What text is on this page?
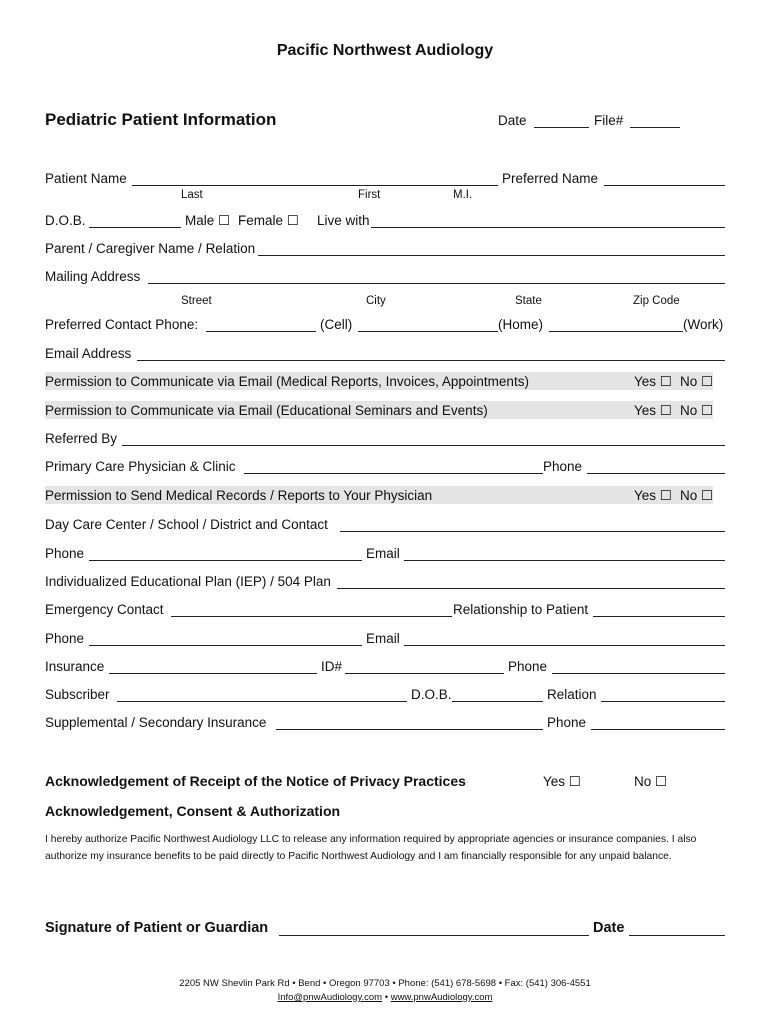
Pacific Northwest Audiology
Pediatric Patient Information	Date	File#
Patient Name	Preferred Name
Last	First	M.I.
D.O.B.	Male ☐ Female ☐ Live with
Parent / Caregiver Name / Relation
Mailing Address
Street	City	State	Zip Code
Preferred Contact Phone:	(Cell)	(Home)	(Work)
Email Address
Permission to Communicate via Email (Medical Reports, Invoices, Appointments)	Yes ☐ No ☐
Permission to Communicate via Email (Educational Seminars and Events)	Yes ☐ No ☐
Referred By
Primary Care Physician & Clinic	Phone
Permission to Send Medical Records / Reports to Your Physician	Yes ☐ No ☐
Day Care Center / School / District and Contact
Phone	Email
Individualized Educational Plan (IEP) / 504 Plan
Emergency Contact	Relationship to Patient
Phone	Email
Insurance	ID#	Phone
Subscriber	D.O.B.	Relation
Supplemental / Secondary Insurance	Phone
Acknowledgement of Receipt of the Notice of Privacy Practices	Yes ☐	No ☐
Acknowledgement, Consent & Authorization
I hereby authorize Pacific Northwest Audiology LLC to release any information required by appropriate agencies or insurance companies. I also authorize my insurance benefits to be paid directly to Pacific Northwest Audiology and I am financially responsible for any unpaid balance.
Signature of Patient or Guardian	Date
2205 NW Shevlin Park Rd • Bend • Oregon 97703 • Phone: (541) 678-5698 • Fax: (541) 306-4551
Info@pnwAudiology.com • www.pnwAudiology.com
